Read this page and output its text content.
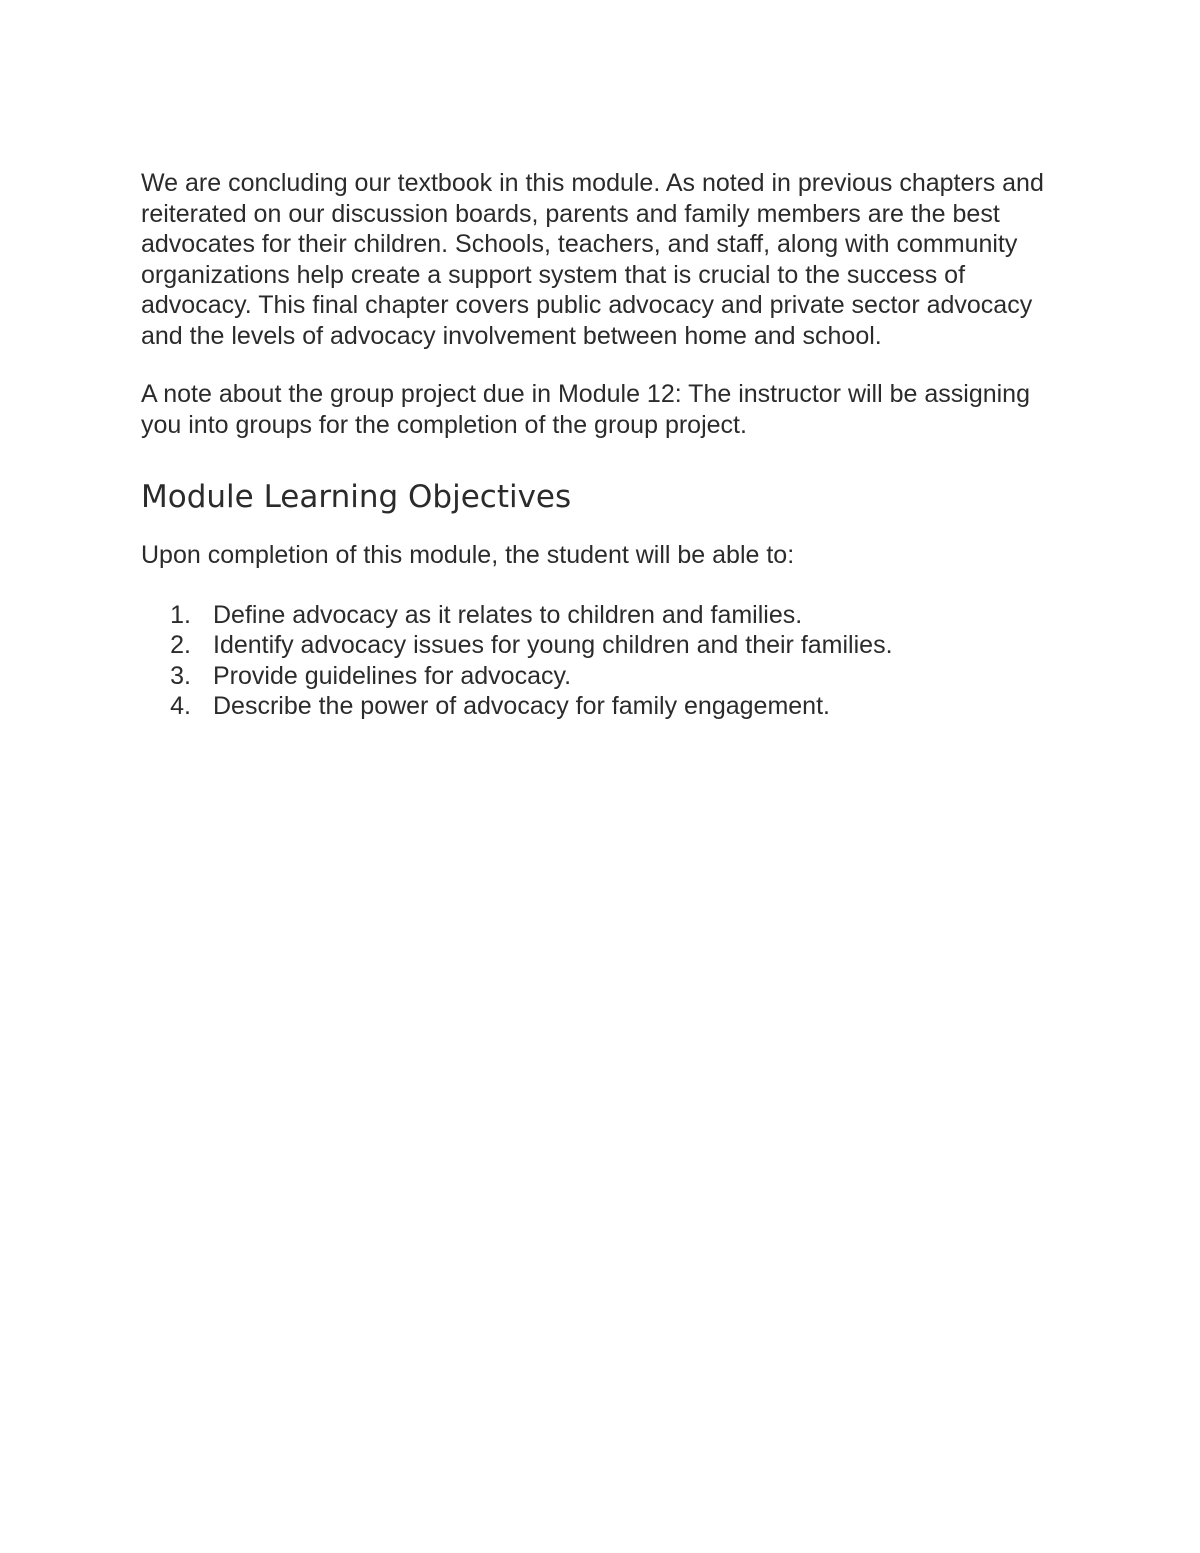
We are concluding our textbook in this module. As noted in previous chapters and reiterated on our discussion boards, parents and family members are the best advocates for their children. Schools, teachers, and staff, along with community organizations help create a support system that is crucial to the success of advocacy. This final chapter covers public advocacy and private sector advocacy and the levels of advocacy involvement between home and school.

A note about the group project due in Module 12: The instructor will be assigning you into groups for the completion of the group project.

Module Learning Objectives

Upon completion of this module, the student will be able to:

1. Define advocacy as it relates to children and families.
2. Identify advocacy issues for young children and their families.
3. Provide guidelines for advocacy.
4. Describe the power of advocacy for family engagement.
